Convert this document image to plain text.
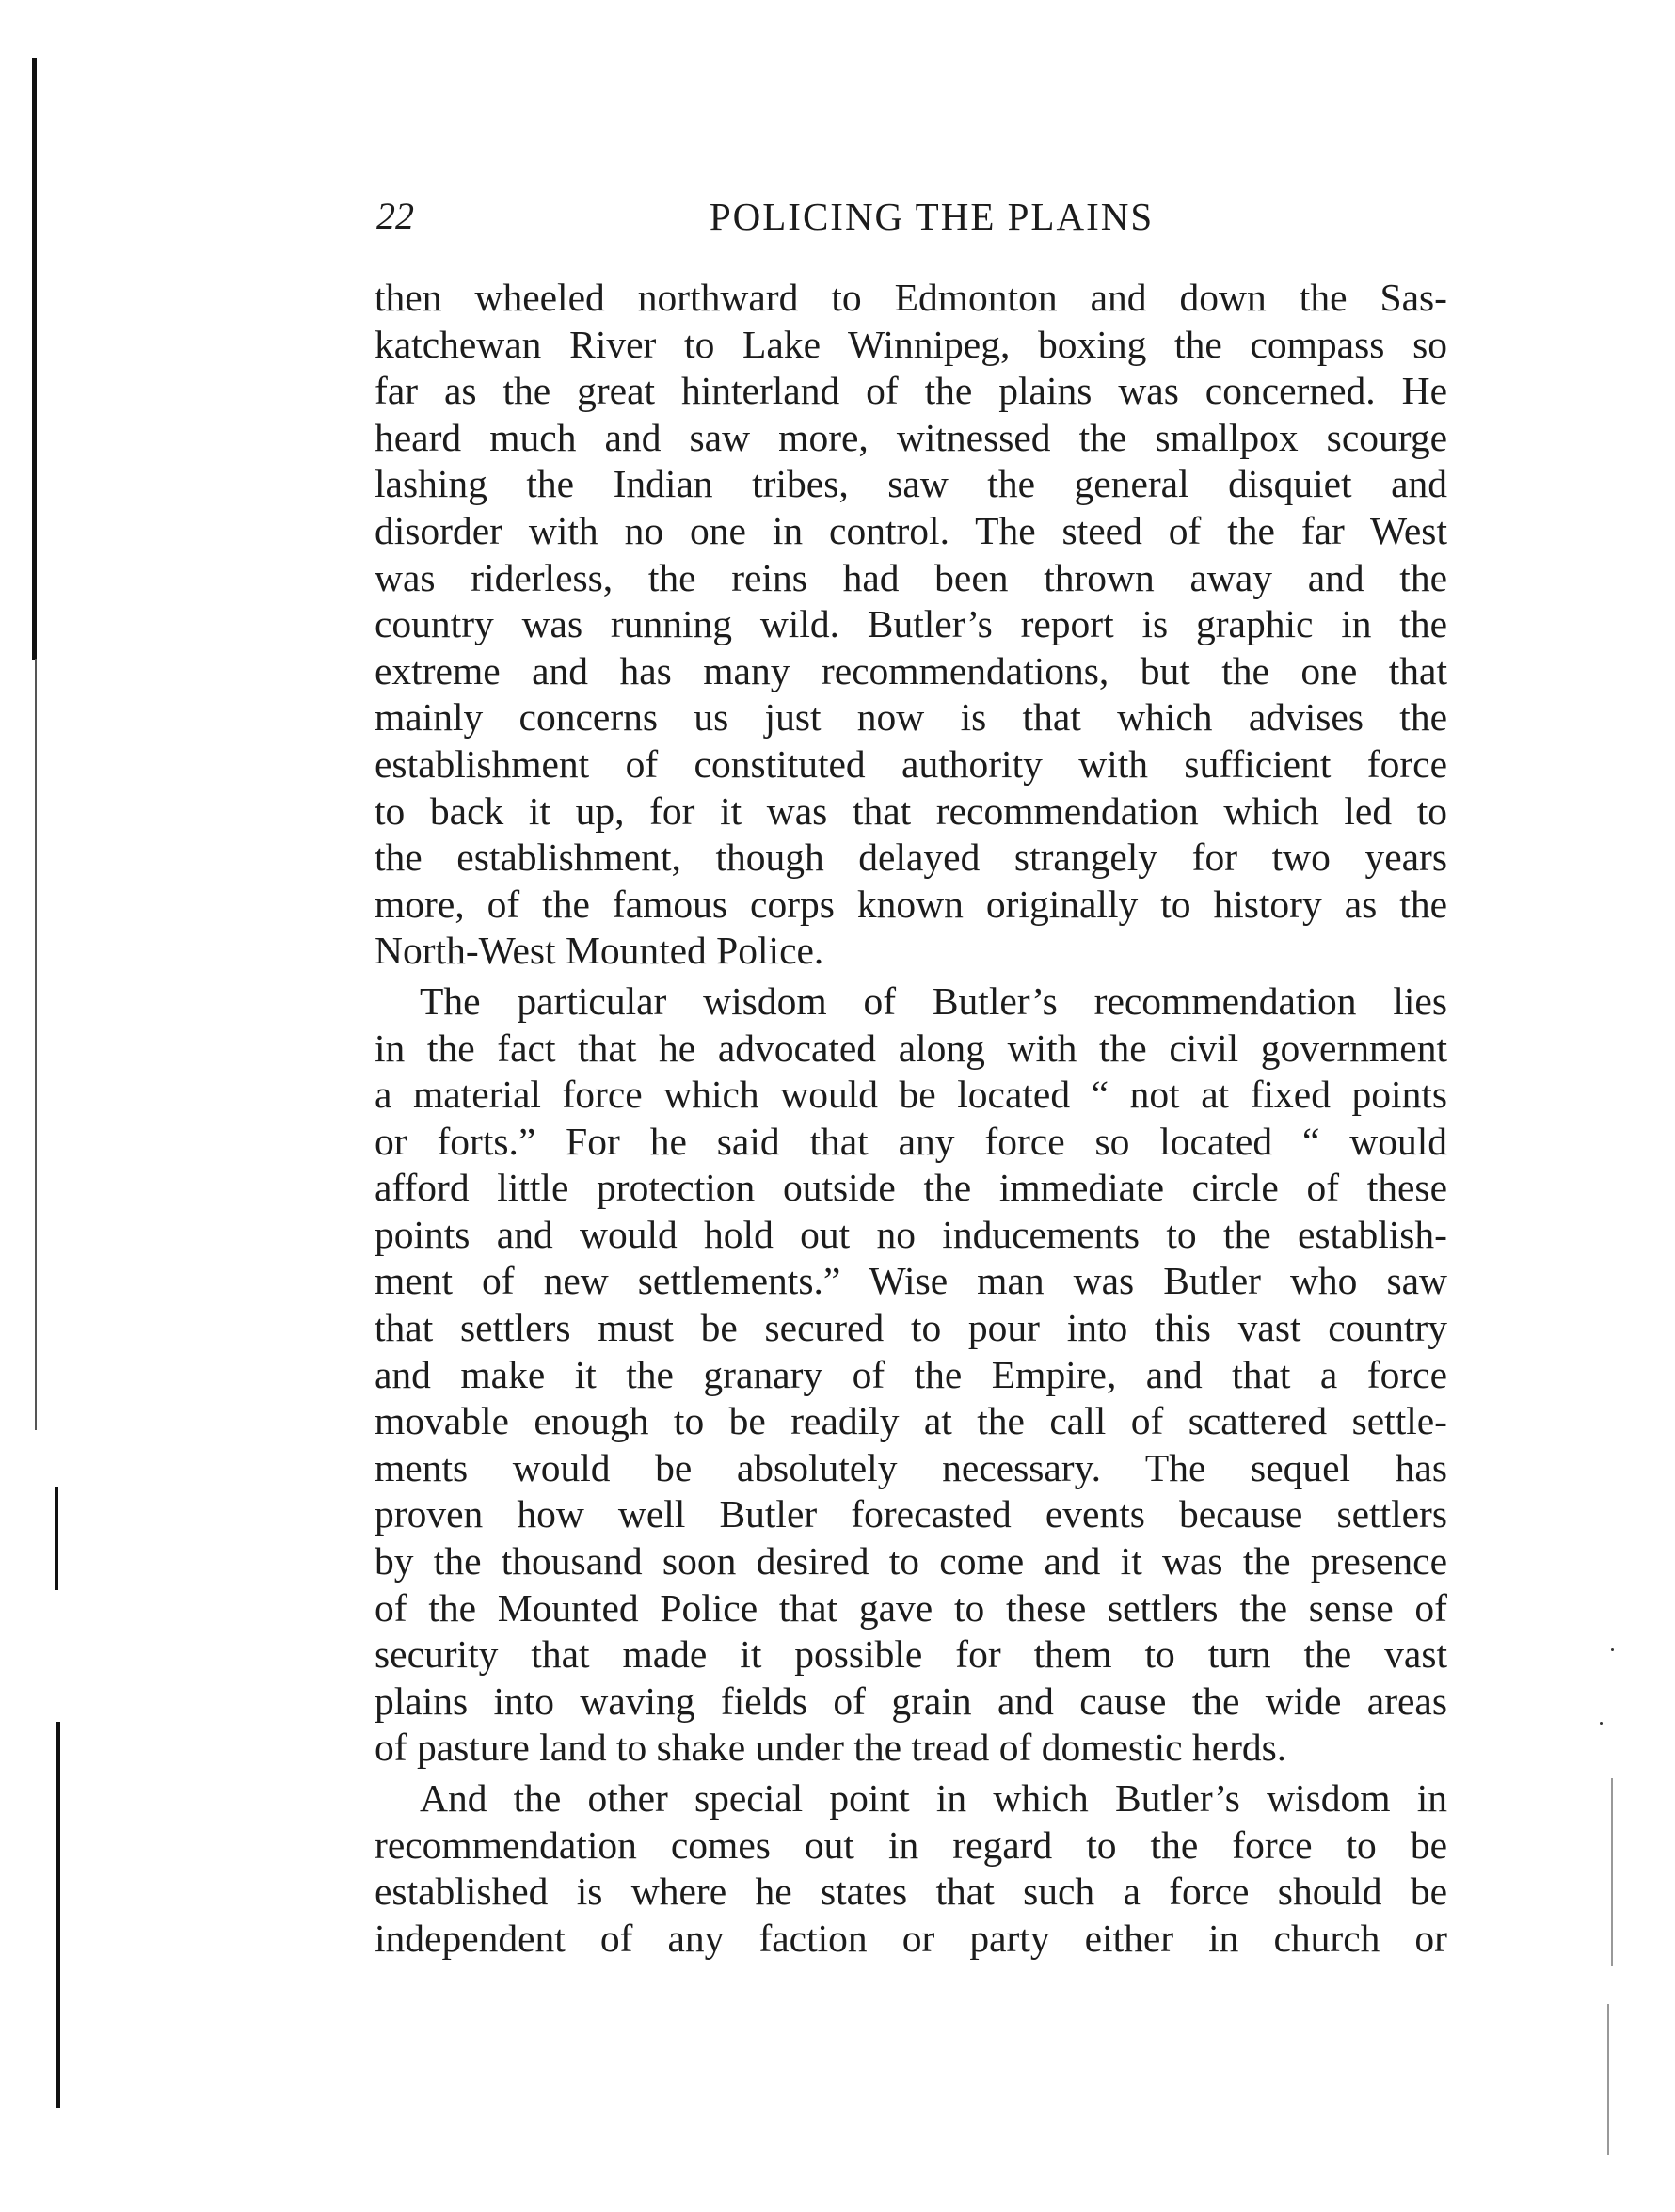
22	POLICING THE PLAINS
then wheeled northward to Edmonton and down the Sas-
katchewan River to Lake Winnipeg, boxing the compass so
far as the great hinterland of the plains was concerned. He
heard much and saw more, witnessed the smallpox scourge
lashing the Indian tribes, saw the general disquiet and
disorder with no one in control. The steed of the far West
was riderless, the reins had been thrown away and the
country was running wild. Butler’s report is graphic in the
extreme and has many recommendations, but the one that
mainly concerns us just now is that which advises the
establishment of constituted authority with sufficient force
to back it up, for it was that recommendation which led to
the establishment, though delayed strangely for two years
more, of the famous corps known originally to history as the
North-West Mounted Police.
The particular wisdom of Butler’s recommendation lies
in the fact that he advocated along with the civil government
a material force which would be located “ not at fixed points
or forts.” For he said that any force so located “ would
afford little protection outside the immediate circle of these
points and would hold out no inducements to the establish-
ment of new settlements.” Wise man was Butler who saw
that settlers must be secured to pour into this vast country
and make it the granary of the Empire, and that a force
movable enough to be readily at the call of scattered settle-
ments would be absolutely necessary. The sequel has
proven how well Butler forecasted events because settlers
by the thousand soon desired to come and it was the presence
of the Mounted Police that gave to these settlers the sense of
security that made it possible for them to turn the vast
plains into waving fields of grain and cause the wide areas
of pasture land to shake under the tread of domestic herds.
And the other special point in which Butler’s wisdom in
recommendation comes out in regard to the force to be
established is where he states that such a force should be
independent of any faction or party either in church or
